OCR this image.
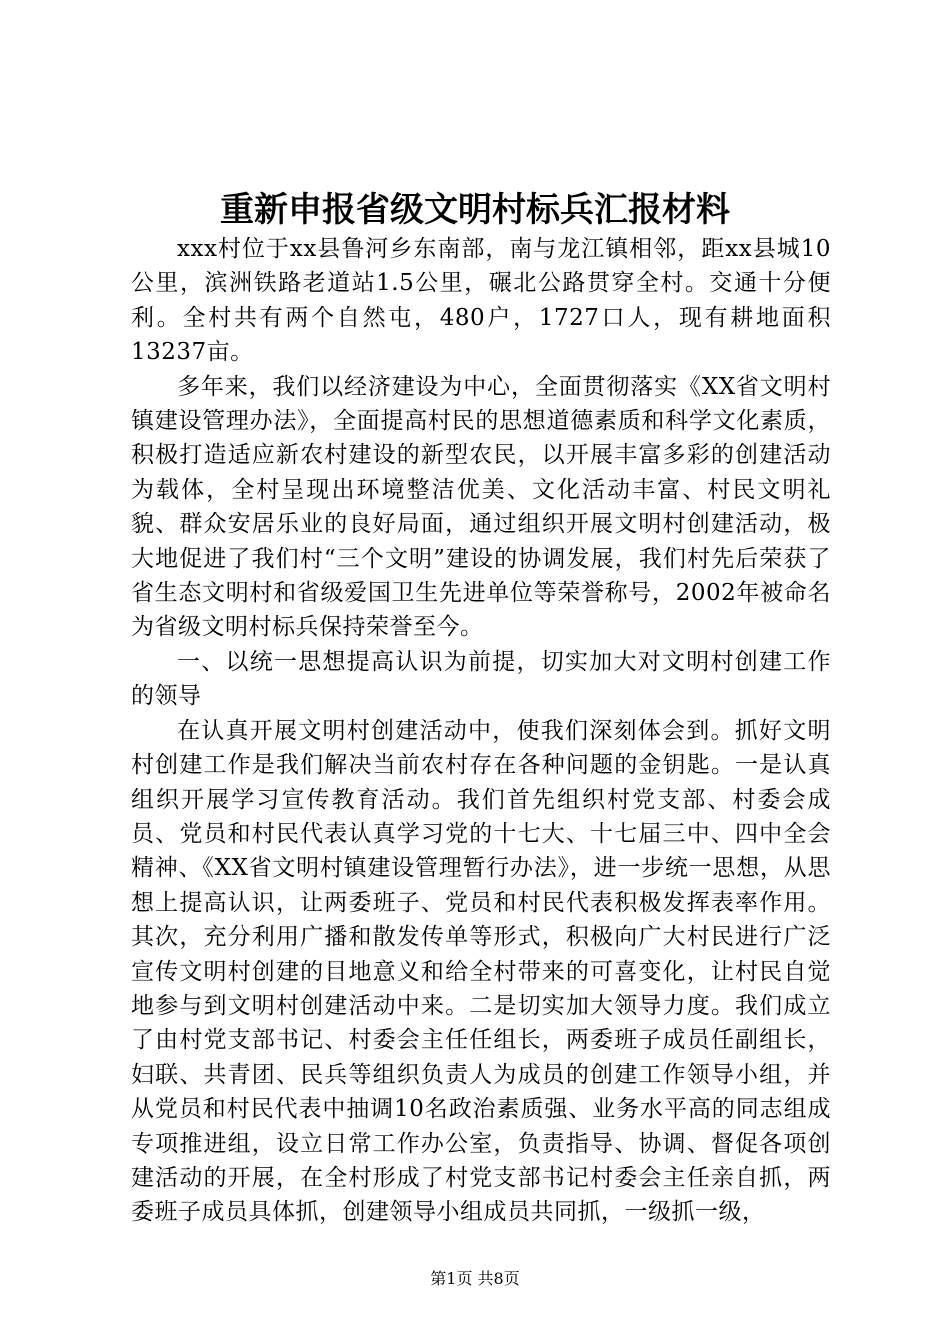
重新申报省级文明村标兵汇报材料

xxx村位于xx县鲁河乡东南部，南与龙江镇相邻，距xx县城10公里，滨洲铁路老道站1.5公里，碾北公路贯穿全村。交通十分便利。全村共有两个自然屯，480户，1727口人，现有耕地面积13237亩。

多年来，我们以经济建设为中心，全面贯彻落实《XX省文明村镇建设管理办法》，全面提高村民的思想道德素质和科学文化素质，积极打造适应新农村建设的新型农民，以开展丰富多彩的创建活动为载体，全村呈现出环境整洁优美、文化活动丰富、村民文明礼貌、群众安居乐业的良好局面，通过组织开展文明村创建活动，极大地促进了我们村“三个文明”建设的协调发展，我们村先后荣获了省生态文明村和省级爱国卫生先进单位等荣誉称号，2002年被命名为省级文明村标兵保持荣誉至今。

一、以统一思想提高认识为前提，切实加大对文明村创建工作的领导

在认真开展文明村创建活动中，使我们深刻体会到。抓好文明村创建工作是我们解决当前农村存在各种问题的金钥匙。一是认真组织开展学习宣传教育活动。我们首先组织村党支部、村委会成员、党员和村民代表认真学习党的十七大、十七届三中、四中全会精神、《XX省文明村镇建设管理暂行办法》，进一步统一思想，从思想上提高认识，让两委班子、党员和村民代表积极发挥表率作用。其次，充分利用广播和散发传单等形式，积极向广大村民进行广泛宣传文明村创建的目地意义和给全村带来的可喜变化，让村民自觉地参与到文明村创建活动中来。二是切实加大领导力度。我们成立了由村党支部书记、村委会主任任组长，两委班子成员任副组长，妇联、共青团、民兵等组织负责人为成员的创建工作领导小组，并从党员和村民代表中抽调10名政治素质强、业务水平高的同志组成专项推进组，设立日常工作办公室，负责指导、协调、督促各项创建活动的开展，在全村形成了村党支部书记村委会主任亲自抓，两委班子成员具体抓，创建领导小组成员共同抓，一级抓一级，

第1页 共8页
